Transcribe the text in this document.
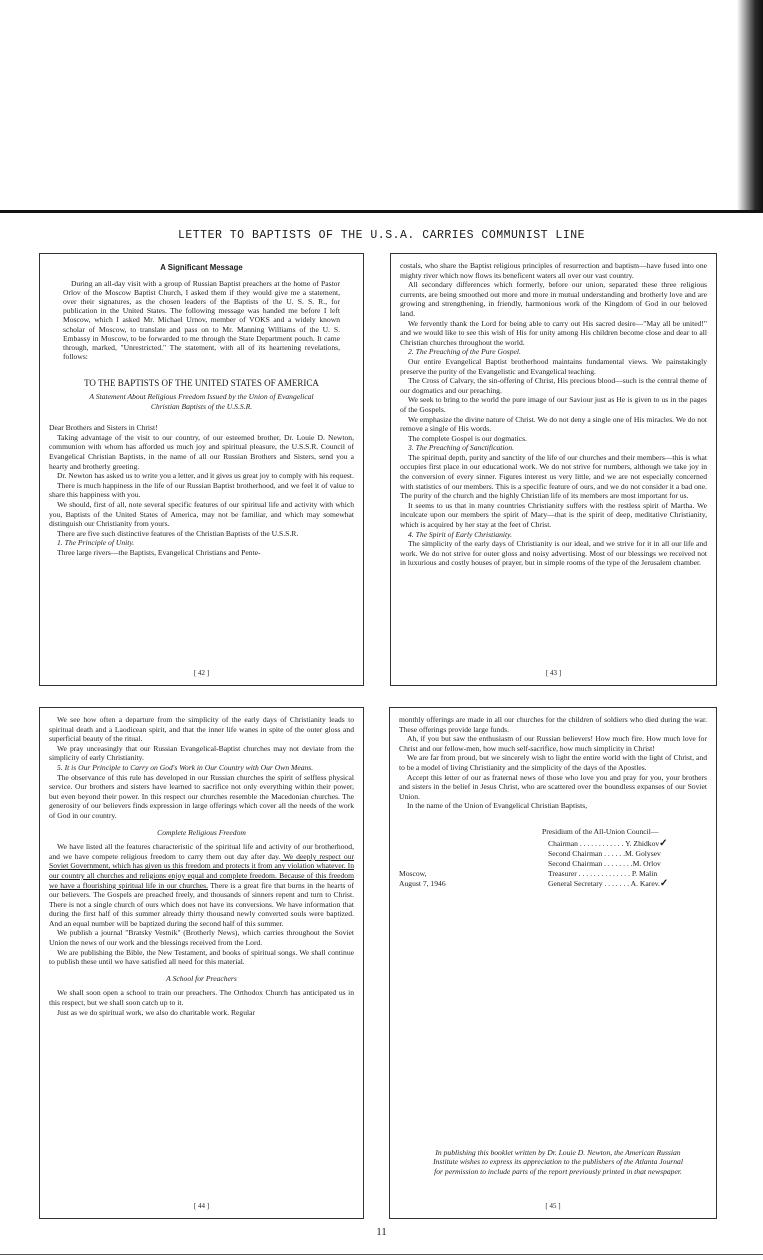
LETTER TO BAPTISTS OF THE U.S.A. CARRIES COMMUNIST LINE
A Significant Message

During an all-day visit with a group of Russian Baptist preachers at the home of Pastor Orlov of the Moscow Baptist Church, I asked them if they would give me a statement, over their signatures, as the chosen leaders of the Baptists of the U. S. S. R., for publication in the United States. The following message was handed me before I left Moscow, which I asked Mr. Michael Urnov, member of VOKS and a widely known scholar of Moscow, to translate and pass on to Mr. Manning Williams of the U. S. Embassy in Moscow, to be forwarded to me through the State Department pouch. It came through, marked, "Unrestricted." The statement, with all of its heartening revelations, follows:

TO THE BAPTISTS OF THE UNITED STATES OF AMERICA
A Statement About Religious Freedom Issued by the Union of Evangelical Christian Baptists of the U.S.S.R.

Dear Brothers and Sisters in Christ!

Taking advantage of the visit to our country, of our esteemed brother, Dr. Louie D. Newton, communion with whom has afforded us much joy and spiritual pleasure, the U.S.S.R. Council of Evangelical Christian Baptists, in the name of all our Russian Brothers and Sisters, send you a hearty and brotherly greeting.

Dr. Newton has asked us to write you a letter, and it gives us great joy to comply with his request.

There is much happiness in the life of our Russian Baptist brotherhood, and we feel it of value to share this happiness with you.

We should, first of all, note several specific features of our spiritual life and activity with which you, Baptists of the United States of America, may not be familiar, and which may somewhat distinguish our Christianity from yours.

There are five such distinctive features of the Christian Baptists of the U.S.S.R.

1. The Principle of Unity.

Three large rivers—the Baptists, Evangelical Christians and Pente-

[ 42 ]

costals, who share the Baptist religious principles of resurrection and baptism—have fused into one mighty river which now flows its beneficent waters all over our vast country.

All secondary differences which formerly, before our union, separated these three religious currents, are being smoothed out more and more in mutual understanding and brotherly love and are growing and strengthening, in friendly, harmonious work of the Kingdom of God in our beloved land.

We fervently thank the Lord for being able to carry out His sacred desire—"May all be united!" and we would like to see this wish of His for unity among His children become close and dear to all Christian churches throughout the world.

2. The Preaching of the Pure Gospel.

Our entire Evangelical Baptist brotherhood maintains fundamental views. We painstakingly preserve the purity of the Evangelistic and Evangelical teaching.

The Cross of Calvary, the sin-offering of Christ, His precious blood—such is the central theme of our dogmatics and our preaching.

We seek to bring to the world the pure image of our Saviour just as He is given to us in the pages of the Gospels.

We emphasize the divine nature of Christ. We do not deny a single one of His miracles. We do not remove a single of His words.

The complete Gospel is our dogmatics.

3. The Preaching of Sanctification.

The spiritual depth, purity and sanctity of the life of our churches and their members—this is what occupies first place in our educational work. We do not strive for numbers, although we take joy in the conversion of every sinner. Figures interest us very little, and we are not especially concerned with statistics of our members. This is a specific feature of ours, and we do not consider it a bad one. The purity of the church and the highly Christian life of its members are most important for us.

It seems to us that in many countries Christianity suffers with the restless spirit of Martha. We inculcate upon our members the spirit of Mary—that is the spirit of deep, meditative Christianity, which is acquired by her stay at the feet of Christ.

4. The Spirit of Early Christianity.

The simplicity of the early days of Christianity is our ideal, and we strive for it in all our life and work. We do not strive for outer gloss and noisy advertising. Most of our blessings we received not in luxurious and costly houses of prayer, but in simple rooms of the type of the Jerusalem chamber.

[ 43 ]

We see how often a departure from the simplicity of the early days of Christianity leads to spiritual death and a Laodicean spirit, and that the inner life wanes in spite of the outer gloss and superficial beauty of the ritual.

We pray unceasingly that our Russian Evangelical-Baptist churches may not deviate from the simplicity of early Christianity.

5. It is Our Principle to Carry on God's Work in Our Country with Our Own Means.

The observance of this rule has developed in our Russian churches the spirit of selfless physical service. Our brothers and sisters have learned to sacrifice not only everything within their power, but even beyond their power. In this respect our churches resemble the Macedonian churches. The generosity of our believers finds expression in large offerings which cover all the needs of the work of God in our country.

Complete Religious Freedom

We have listed all the features characteristic of the spiritual life and activity of our brotherhood, and we have compete religious freedom to carry them out day after day. We deeply respect our Soviet Government, which has given us this freedom and protects it from any violation whatever. In our country all churches and religions enjoy equal and complete freedom. Because of this freedom we have a flourishing spiritual life in our churches. There is a great fire that burns in the hearts of our believers. The Gospels are preached freely, and thousands of sinners repent and turn to Christ. There is not a single church of ours which does not have its conversions. We have information that during the first half of this summer already thirty thousand newly converted souls were baptized. And an equal number will be baptized during the second half of this summer.

We publish a journal "Bratsky Vestnik" (Brotherly News), which carries throughout the Soviet Union the news of our work and the blessings received from the Lord.

We are publishing the Bible, the New Testament, and books of spiritual songs. We shall continue to publish these until we have satisfied all need for this material.

A School for Preachers

We shall soon open a school to train our preachers. The Orthodox Church has anticipated us in this respect, but we shall soon catch up to it.

Just as we do spiritual work, we also do charitable work. Regular

[ 44 ]

monthly offerings are made in all our churches for the children of soldiers who died during the war. These offerings provide large funds.

Ah, if you but saw the enthusiasm of our Russian believers! How much fire. How much love for Christ and our fellow-men, how much self-sacrifice, how much simplicity in Christ!

We are far from proud, but we sincerely wish to light the entire world with the light of Christ, and to be a model of living Christianity and the simplicity of the days of the Apostles.

Accept this letter of our as fraternal news of those who love you and pray for you, your brothers and sisters in the belief in Jesus Christ, who are scattered over the boundless expanses of our Soviet Union.

In the name of the Union of Evangelical Christian Baptists,

Presidium of the All-Union Council—
Chairman . . . . . . . . . . . . Y. Zhidkov✓
Second Chairman . . . . . .M. Golysev
Second Chairman . . . . . . . .M. Orlov
Moscow,	Treasurer . . . . . . . . . . . . . . P. Malin
August 7, 1946	General Secretary . . . . . . . A. Karev.✓
In publishing this booklet written by Dr. Louie D. Newton, the American Russian Institute wishes to express its appreciation to the publishers of the Atlanta Journal for permission to include parts of the report previously printed in that newspaper.
[ 45 ]
11
